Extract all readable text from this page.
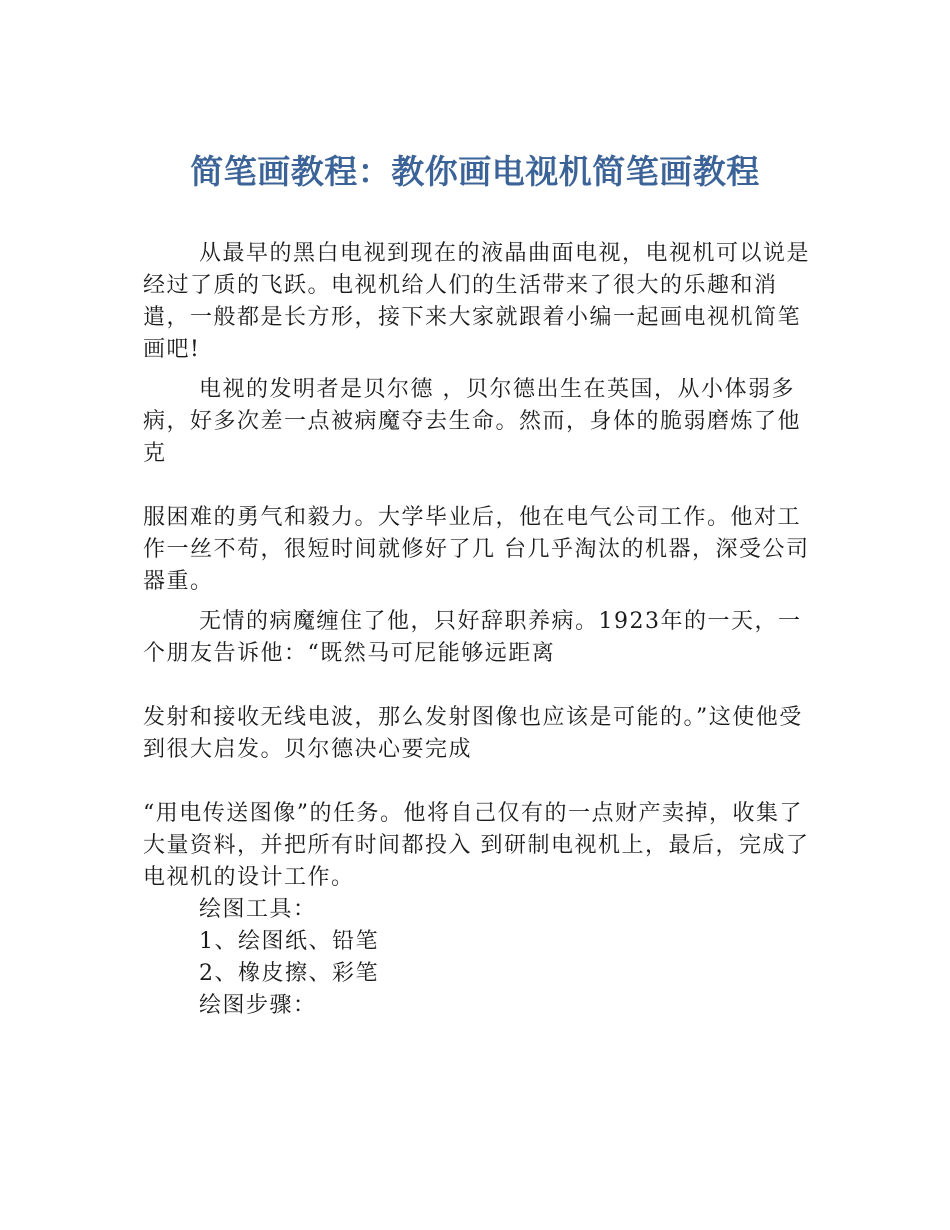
简笔画教程：教你画电视机简笔画教程

从最早的黑白电视到现在的液晶曲面电视，电视机可以说是经过了质的飞跃。电视机给人们的生活带来了很大的乐趣和消遣，一般都是长方形，接下来大家就跟着小编一起画电视机简笔画吧!

电视的发明者是贝尔德 ，贝尔德出生在英国，从小体弱多病，好多次差一点被病魔夺去生命。然而，身体的脆弱磨炼了他克

服困难的勇气和毅力。大学毕业后，他在电气公司工作。他对工作一丝不苟，很短时间就修好了几 台几乎淘汰的机器，深受公司器重。

无情的病魔缠住了他，只好辞职养病。1923年的一天，一个朋友告诉他：“既然马可尼能够远距离

发射和接收无线电波，那么发射图像也应该是可能的。”这使他受到很大启发。贝尔德决心要完成

“用电传送图像”的任务。他将自己仅有的一点财产卖掉，收集了大量资料，并把所有时间都投入 到研制电视机上，最后，完成了电视机的设计工作。

绘图工具：

1、绘图纸、铅笔

2、橡皮擦、彩笔

绘图步骤：
